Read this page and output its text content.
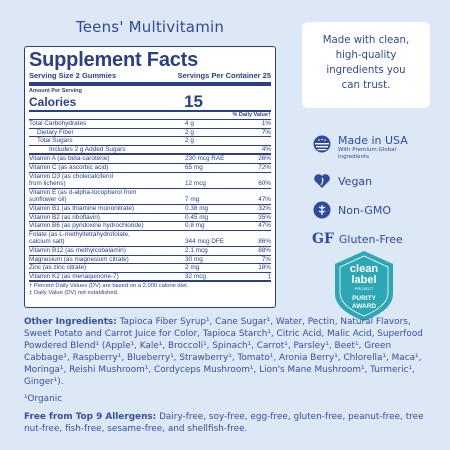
Teens' Multivitamin
Supplement Facts
Serving Size 2 Gummies	Servings Per Container 25
Amount Per Serving
Calories	15
% Daily Value†
Total Carbohydrates	4 g	1%
Dietary Fiber	2 g	7%
Total Sugars	2 g
Includes 2 g Added Sugars	4%
Vitamin A (as beta-carotene)	230 mcg RAE	26%
Vitamin C (as ascorbic acid)	65 mg	72%
Vitamin D3 (as cholecalciferol
from lichens)	12 mcg	60%
Vitamin E (as d-alpha-tocopherol from
sunflower oil)	7 mg	47%
Vitamin B1 (as thiamine mononitrate)	0.38 mg	32%
Vitamin B2 (as riboflavin)	0.45 mg	35%
Vitamin B6 (as pyridoxine hydrochloride)	0.8 mg	47%
Folate (as L-methyltetrahydrofolate,
calcium salt)	344 mcg DFE	86%
Vitamin B12 (as methylcobalamin)	2.1 mcg	88%
Magnesium (as magnesium citrate)	30 mg	7%
Zinc (as zinc citrate)	2 mg	18%
Vitamin K2 (as menaquinone-7)	32 mcg	‡
† Percent Daily Values (DV) are based on a 2,000 calorie diet.
‡ Daily Value (DV) not established.
Made with clean,
high-quality
ingredients you
can trust.
Made in USA
With Premium Global
Ingredients
Vegan
Non-GMO
GF Gluten-Free
clean
label
PROJECT
PURITY
AWARD
Other Ingredients: Tapioca Fiber Syrup¹, Cane Sugar¹, Water, Pectin, Natural Flavors, Sweet Potato and Carrot Juice for Color, Tapioca Starch¹, Citric Acid, Malic Acid, Superfood Powdered Blend¹ (Apple¹, Kale¹, Broccoli¹, Spinach¹, Carrot¹, Parsley¹, Beet¹, Green Cabbage¹, Raspberry¹, Blueberry¹, Strawberry¹, Tomato¹, Aronia Berry¹, Chlorella¹, Maca¹, Moringa¹, Reishi Mushroom¹, Cordyceps Mushroom¹, Lion's Mane Mushroom¹, Turmeric¹, Ginger¹).
¹Organic
Free from Top 9 Allergens: Dairy-free, soy-free, egg-free, gluten-free, peanut-free, tree nut-free, fish-free, sesame-free, and shellfish-free.
